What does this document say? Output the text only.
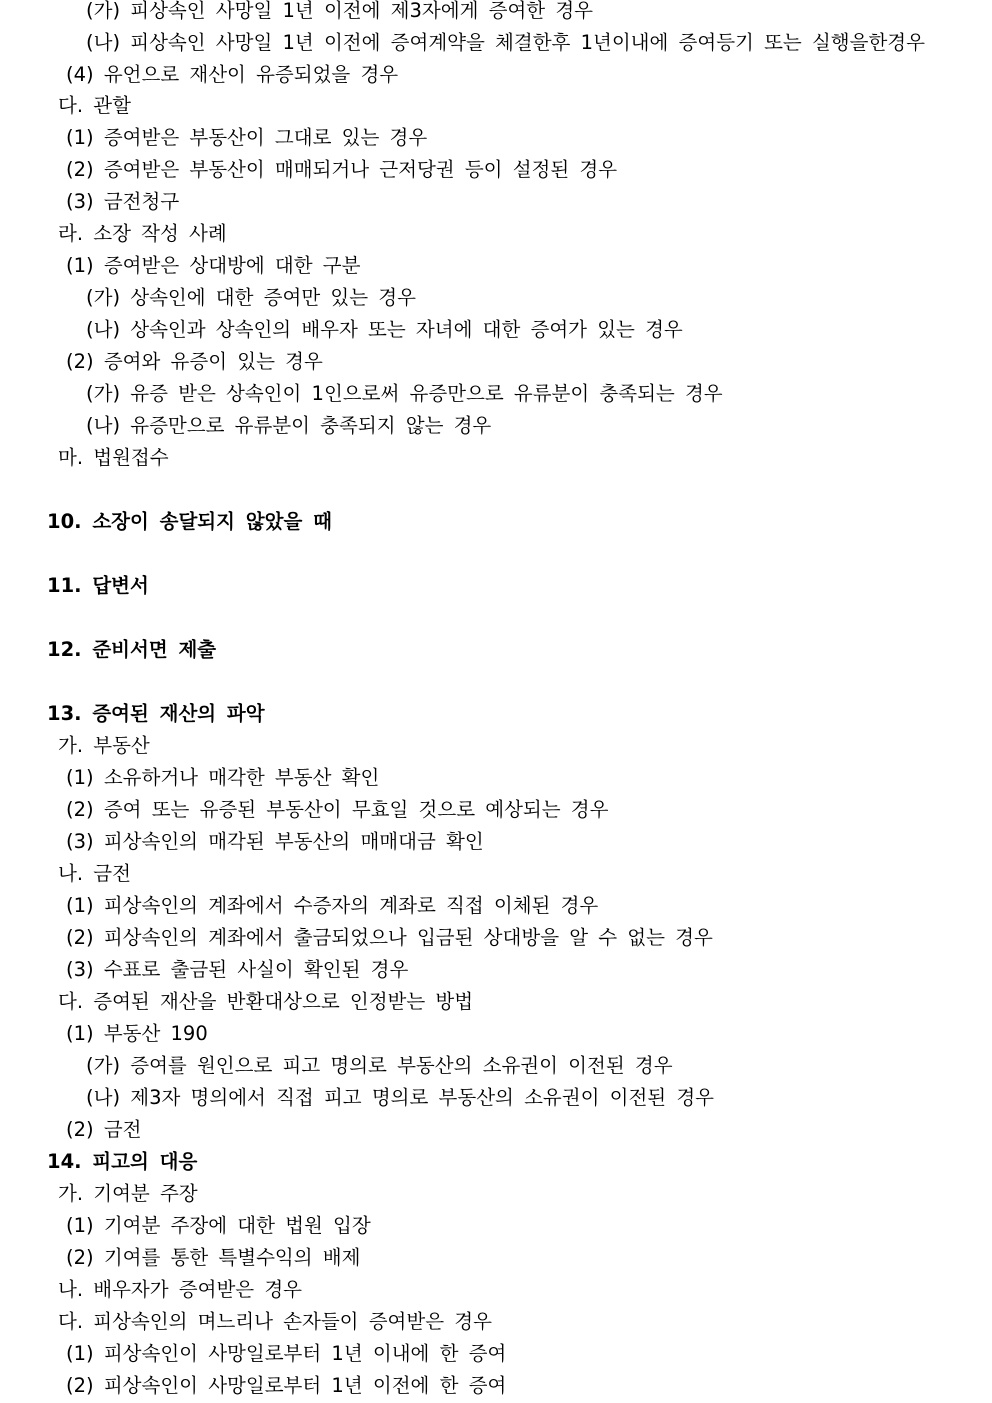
(가) 피상속인 사망일 1년 이전에 제3자에게 증여한 경우
(나) 피상속인 사망일 1년 이전에 증여계약을 체결한후 1년이내에 증여등기 또는 실행을한경우
(4) 유언으로 재산이 유증되었을 경우
다. 관할
(1) 증여받은 부동산이 그대로 있는 경우
(2) 증여받은 부동산이 매매되거나 근저당권 등이 설정된 경우
(3) 금전청구
라. 소장 작성 사례
(1) 증여받은 상대방에 대한 구분
(가) 상속인에 대한 증여만 있는 경우
(나) 상속인과 상속인의 배우자 또는 자녀에 대한 증여가 있는 경우
(2) 증여와 유증이 있는 경우
(가) 유증 받은 상속인이 1인으로써 유증만으로 유류분이 충족되는 경우
(나) 유증만으로 유류분이 충족되지 않는 경우
마. 법원접수
10. 소장이 송달되지 않았을 때
11. 답변서
12. 준비서면 제출
13. 증여된 재산의 파악
가. 부동산
(1) 소유하거나 매각한 부동산 확인
(2) 증여 또는 유증된 부동산이 무효일 것으로 예상되는 경우
(3) 피상속인의 매각된 부동산의 매매대금 확인
나. 금전
(1) 피상속인의 계좌에서 수증자의 계좌로 직접 이체된 경우
(2) 피상속인의 계좌에서 출금되었으나 입금된 상대방을 알 수 없는 경우
(3) 수표로 출금된 사실이 확인된 경우
다. 증여된 재산을 반환대상으로 인정받는 방법
(1) 부동산 190
(가) 증여를 원인으로 피고 명의로 부동산의 소유권이 이전된 경우
(나) 제3자 명의에서 직접 피고 명의로 부동산의 소유권이 이전된 경우
(2) 금전
14. 피고의 대응
가. 기여분 주장
(1) 기여분 주장에 대한 법원 입장
(2) 기여를 통한 특별수익의 배제
나. 배우자가 증여받은 경우
다. 피상속인의 며느리나 손자들이 증여받은 경우
(1) 피상속인이 사망일로부터 1년 이내에 한 증여
(2) 피상속인이 사망일로부터 1년 이전에 한 증여
